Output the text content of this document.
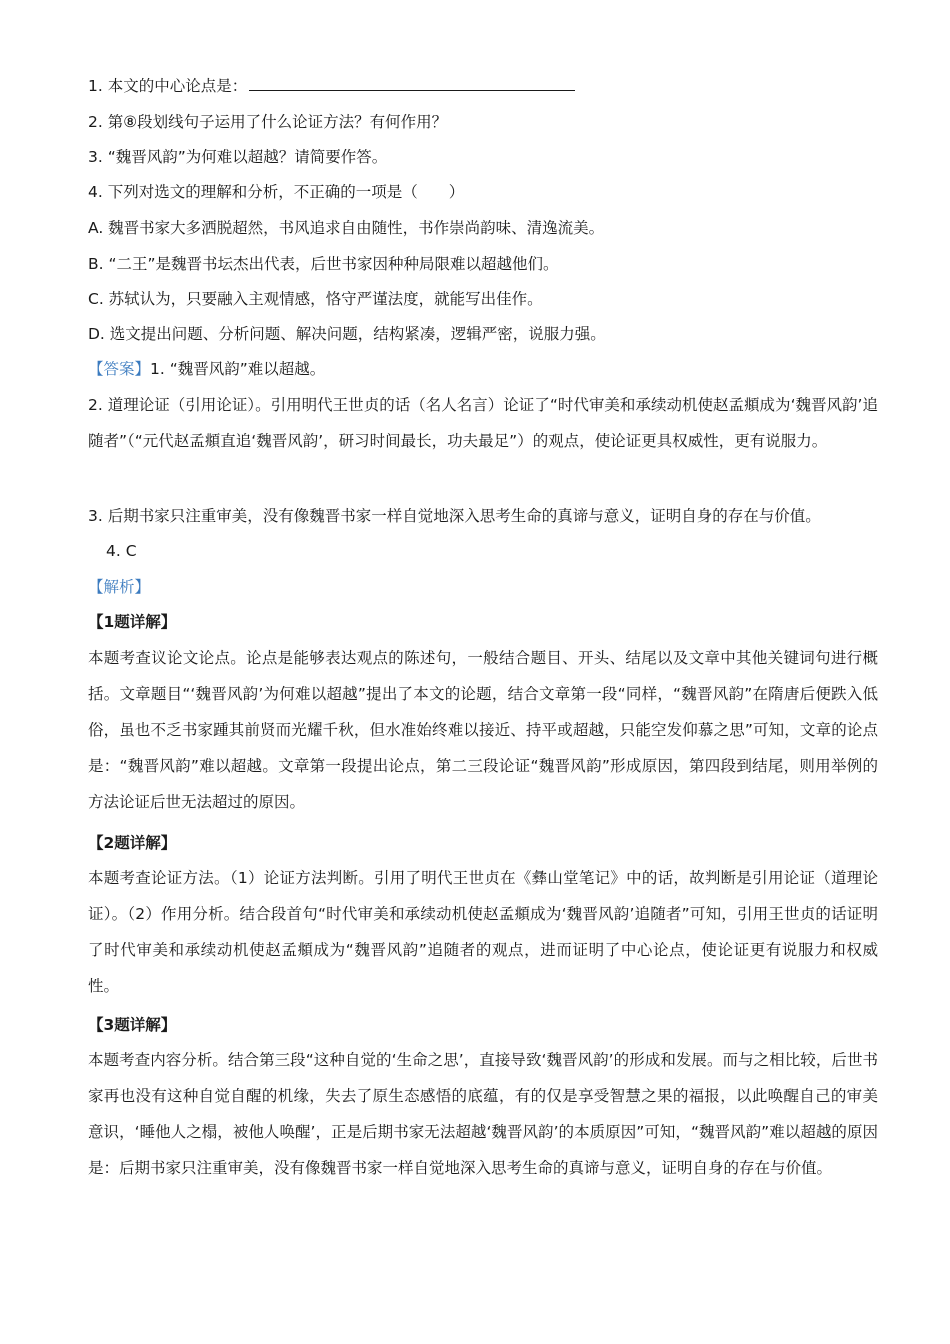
1. 本文的中心论点是：
2. 第⑧段划线句子运用了什么论证方法？有何作用？
3. “魏晋风韵”为何难以超越？请简要作答。
4. 下列对选文的理解和分析，不正确的一项是（　　）
A. 魏晋书家大多洒脱超然，书风追求自由随性，书作崇尚韵味、清逸流美。
B. “二王”是魏晋书坛杰出代表，后世书家因种种局限难以超越他们。
C. 苏轼认为，只要融入主观情感，恪守严谨法度，就能写出佳作。
D. 选文提出问题、分析问题、解决问题，结构紧凑，逻辑严密，说服力强。
【答案】1. “魏晋风韵”难以超越。
2. 道理论证（引用论证）。引用明代王世贞的话（名人名言）论证了“时代审美和承续动机使赵孟頫成为‘魏晋风韵’追随者”（“元代赵孟頫直追‘魏晋风韵’，研习时间最长，功夫最足”）的观点，使论证更具权威性，更有说服力。
3. 后期书家只注重审美，没有像魏晋书家一样自觉地深入思考生命的真谛与意义，证明自身的存在与价值。
4. C
【解析】
【1题详解】
本题考查议论文论点。论点是能够表达观点的陈述句，一般结合题目、开头、结尾以及文章中其他关键词句进行概括。文章题目“‘魏晋风韵’为何难以超越”提出了本文的论题，结合文章第一段“同样，“魏晋风韵”在隋唐后便跌入低俗，虽也不乏书家踵其前贤而光耀千秋，但水准始终难以接近、持平或超越，只能空发仰慕之思”可知，文章的论点是：“魏晋风韵”难以超越。文章第一段提出论点，第二三段论证“魏晋风韵”形成原因，第四段到结尾，则用举例的方法论证后世无法超过的原因。
【2题详解】
本题考查论证方法。（1）论证方法判断。引用了明代王世贞在《彝山堂笔记》中的话，故判断是引用论证（道理论证）。（2）作用分析。结合段首句“时代审美和承续动机使赵孟頫成为‘魏晋风韵’追随者”可知，引用王世贞的话证明了时代审美和承续动机使赵孟頫成为“魏晋风韵”追随者的观点，进而证明了中心论点，使论证更有说服力和权威性。
【3题详解】
本题考查内容分析。结合第三段“这种自觉的‘生命之思’，直接导致‘魏晋风韵’的形成和发展。而与之相比较，后世书家再也没有这种自觉自醒的机缘，失去了原生态感悟的底蕴，有的仅是享受智慧之果的福报，以此唤醒自己的审美意识，‘睡他人之榻，被他人唤醒’，正是后期书家无法超越‘魏晋风韵’的本质原因”可知，“魏晋风韵”难以超越的原因是：后期书家只注重审美，没有像魏晋书家一样自觉地深入思考生命的真谛与意义，证明自身的存在与价值。
